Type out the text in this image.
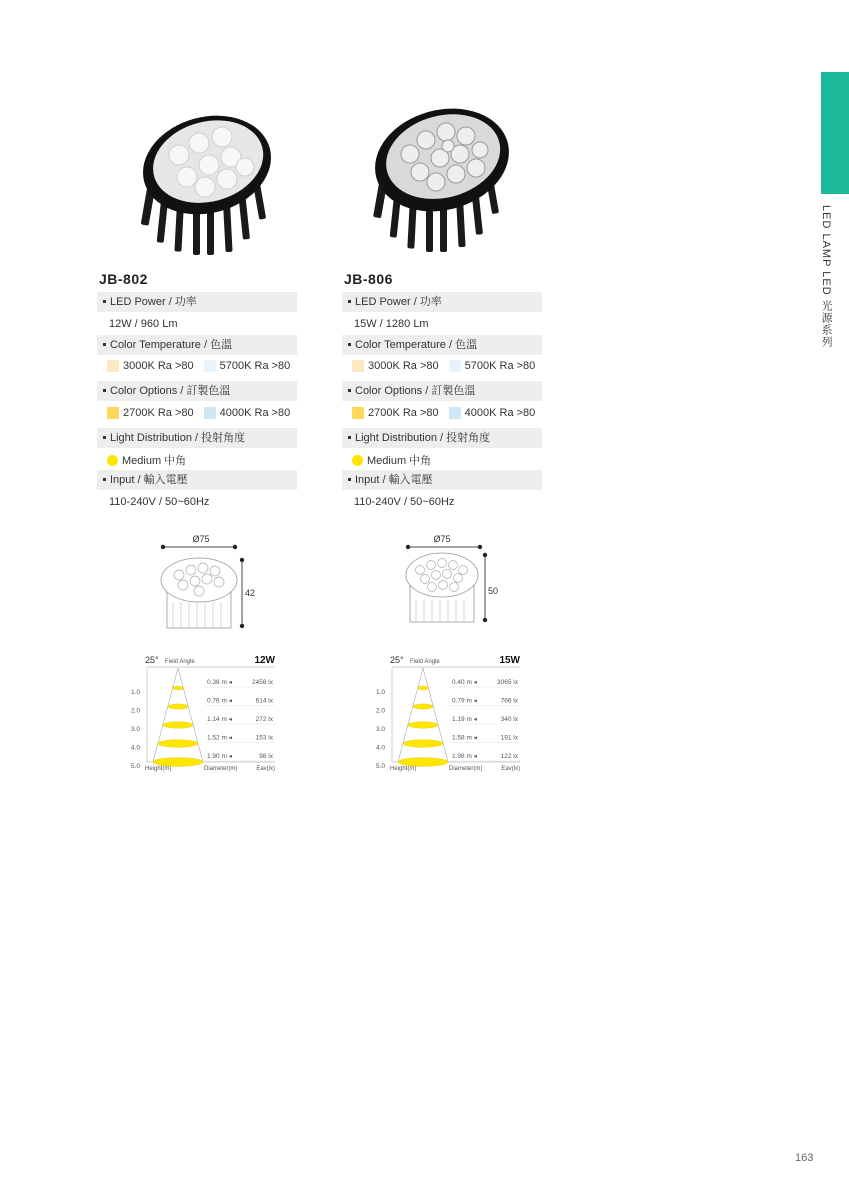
LED LAMP LED 光源系列
163
JB-802
LED Power / 功率
12W / 960 Lm
Color Temperature / 色溫
3000K Ra >80 5700K Ra >80
Color Options / 訂製色溫
2700K Ra >80 4000K Ra >80
Light Distribution / 投射角度
Medium 中角
Input / 輸入電壓
110-240V / 50~60Hz
Ø75
42
25° Field Angle	12W
1.0
0.38 m ◂	2456 lx
2.0
0.76 m ◂	614 lx
3.0
1.14 m ◂	272 lx
4.0
1.52 m ◂	153 lx
5.0
1.90 m ◂	98 lx
Height(m)	Diameter(m)	Eav(lx)
JB-806
LED Power / 功率
15W / 1280 Lm
Color Temperature / 色溫
3000K Ra >80 5700K Ra >80
Color Options / 訂製色溫
2700K Ra >80 4000K Ra >80
Light Distribution / 投射角度
Medium 中角
Input / 輸入電壓
110-240V / 50~60Hz
Ø75
50
25° Field Angle	15W
1.0
0.40 m ◂	3065 lx
2.0
0.79 m ◂	766 lx
3.0
1.19 m ◂	340 lx
4.0
1.58 m ◂	191 lx
5.0
1.98 m ◂	122 lx
Height(m)	Diameter(m)	Eav(lx)
